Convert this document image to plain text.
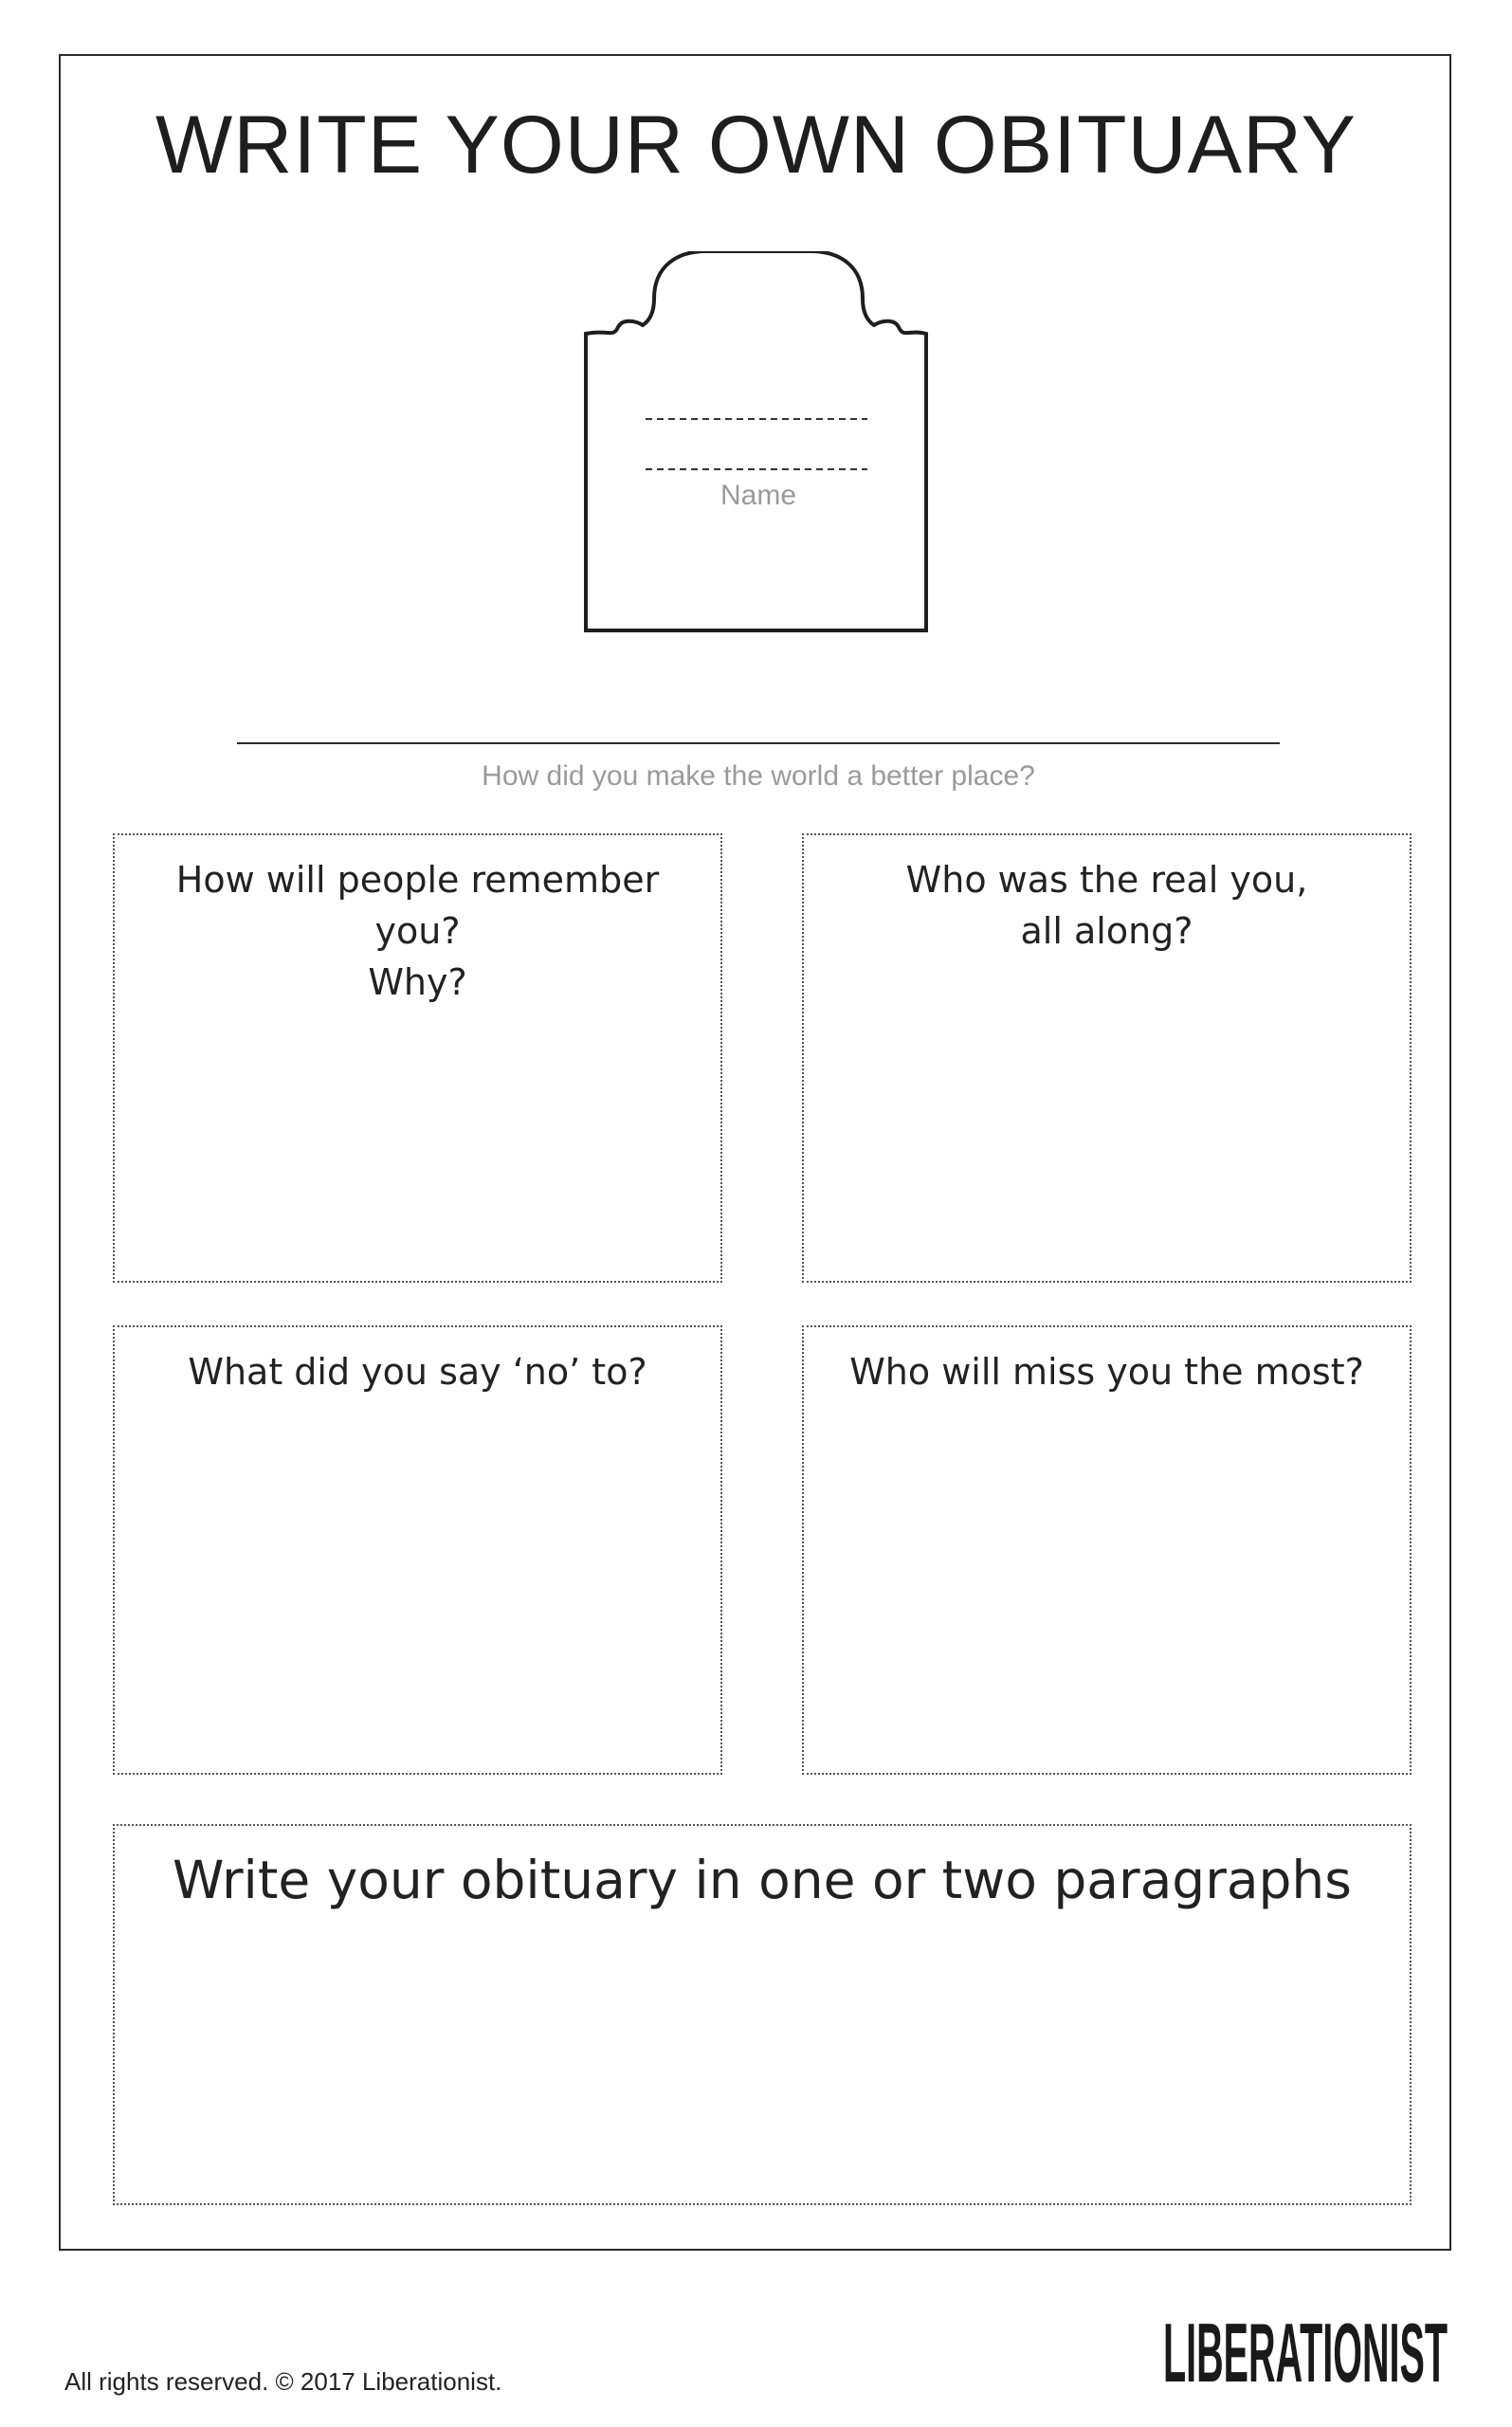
WRITE YOUR OWN OBITUARY
Name
How did you make the world a better place?
How will people remember you?
Why?
Who was the real you,
all along?
What did you say ‘no’ to?	Who will miss you the most?
Write your obituary in one or two paragraphs
All rights reserved. © 2017 Liberationist.	LIBERATIONIST
